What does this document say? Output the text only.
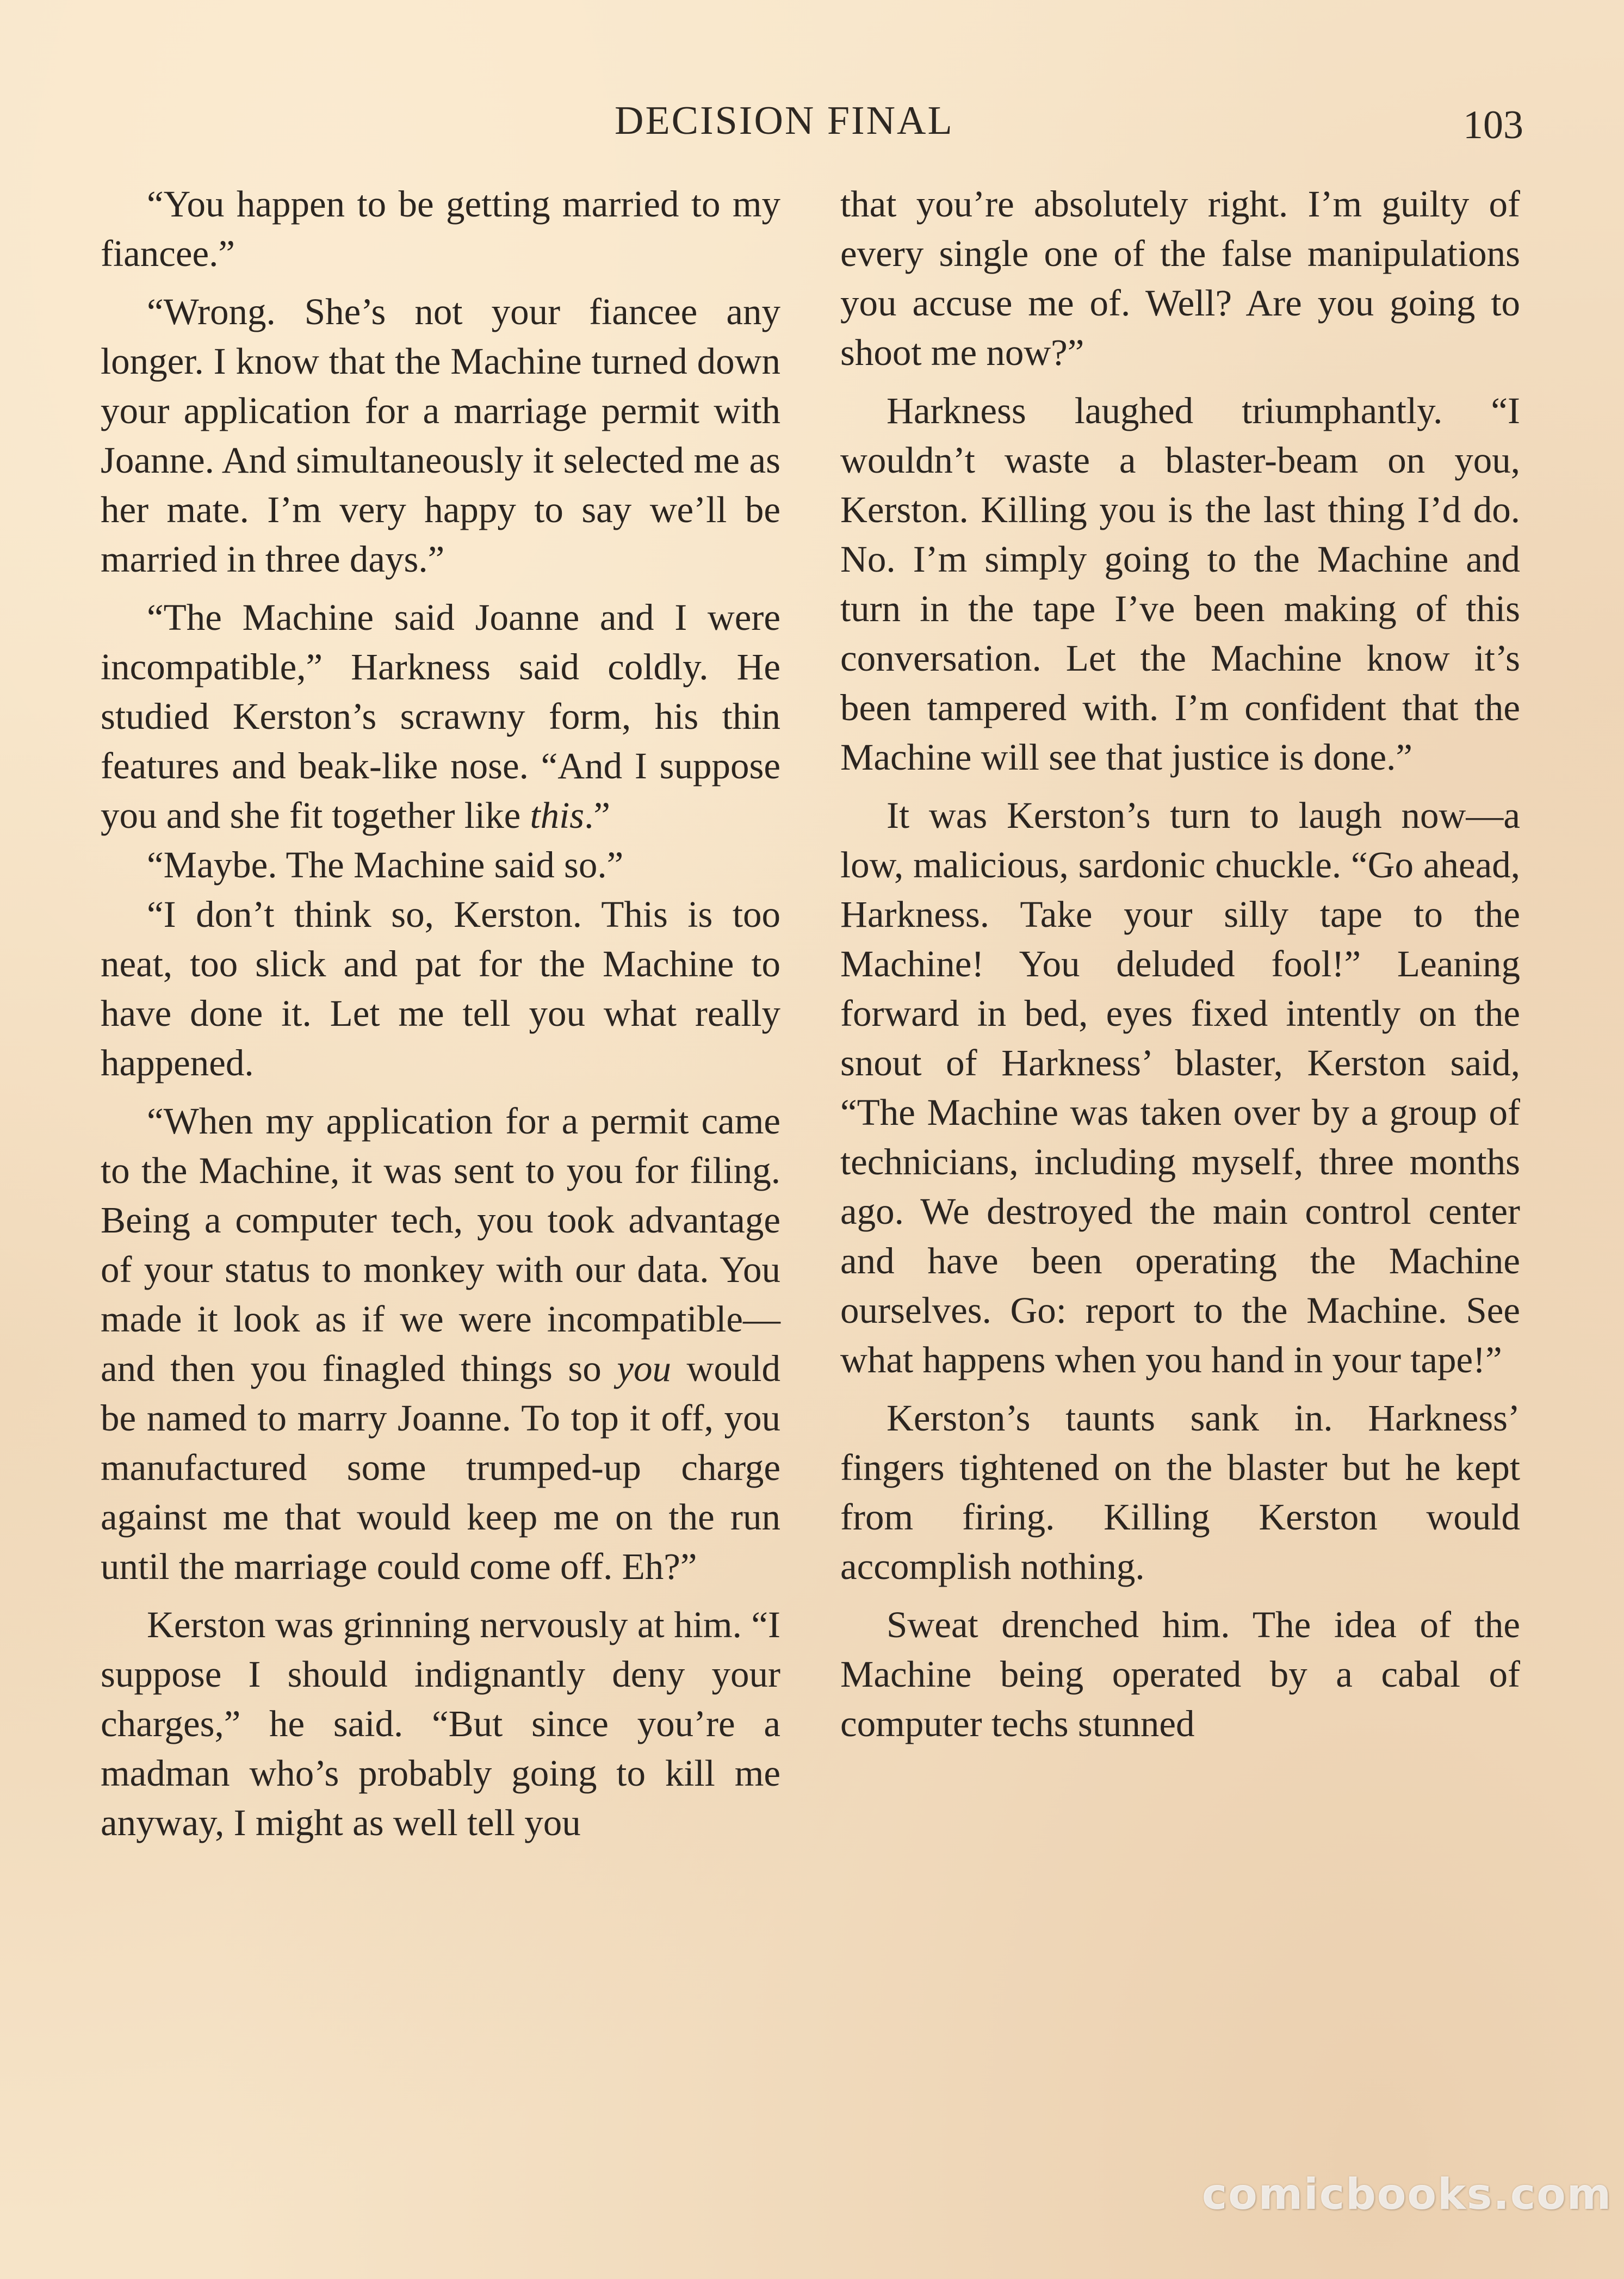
DECISION FINAL	103

“You happen to be getting married to my fiancee.”

“Wrong. She’s not your fiancee any longer. I know that the Machine turned down your application for a marriage permit with Joanne. And simultaneously it selected me as her mate. I’m very happy to say we’ll be married in three days.”

“The Machine said Joanne and I were incompatible,” Harkness said coldly. He studied Kerston’s scrawny form, his thin features and beak-like nose. “And I suppose you and she fit together like this.”

“Maybe. The Machine said so.”

“I don’t think so, Kerston. This is too neat, too slick and pat for the Machine to have done it. Let me tell you what really happened.

“When my application for a permit came to the Machine, it was sent to you for filing. Being a computer tech, you took advantage of your status to monkey with our data. You made it look as if we were incompatible—and then you finagled things so you would be named to marry Joanne. To top it off, you manufactured some trumped-up charge against me that would keep me on the run until the marriage could come off. Eh?”

Kerston was grinning nervously at him. “I suppose I should indignantly deny your charges,” he said. “But since you’re a madman who’s probably going to kill me anyway, I might as well tell you

that you’re absolutely right. I’m guilty of every single one of the false manipulations you accuse me of. Well? Are you going to shoot me now?”

Harkness laughed triumphantly. “I wouldn’t waste a blaster-beam on you, Kerston. Killing you is the last thing I’d do. No. I’m simply going to the Machine and turn in the tape I’ve been making of this conversation. Let the Machine know it’s been tampered with. I’m confident that the Machine will see that justice is done.”

It was Kerston’s turn to laugh now—a low, malicious, sardonic chuckle. “Go ahead, Harkness. Take your silly tape to the Machine! You deluded fool!” Leaning forward in bed, eyes fixed intently on the snout of Harkness’ blaster, Kerston said, “The Machine was taken over by a group of technicians, including myself, three months ago. We destroyed the main control center and have been operating the Machine ourselves. Go: report to the Machine. See what happens when you hand in your tape!”

Kerston’s taunts sank in. Harkness’ fingers tightened on the blaster but he kept from firing. Killing Kerston would accomplish nothing.

Sweat drenched him. The idea of the Machine being operated by a cabal of computer techs stunned

comicbooks.com
